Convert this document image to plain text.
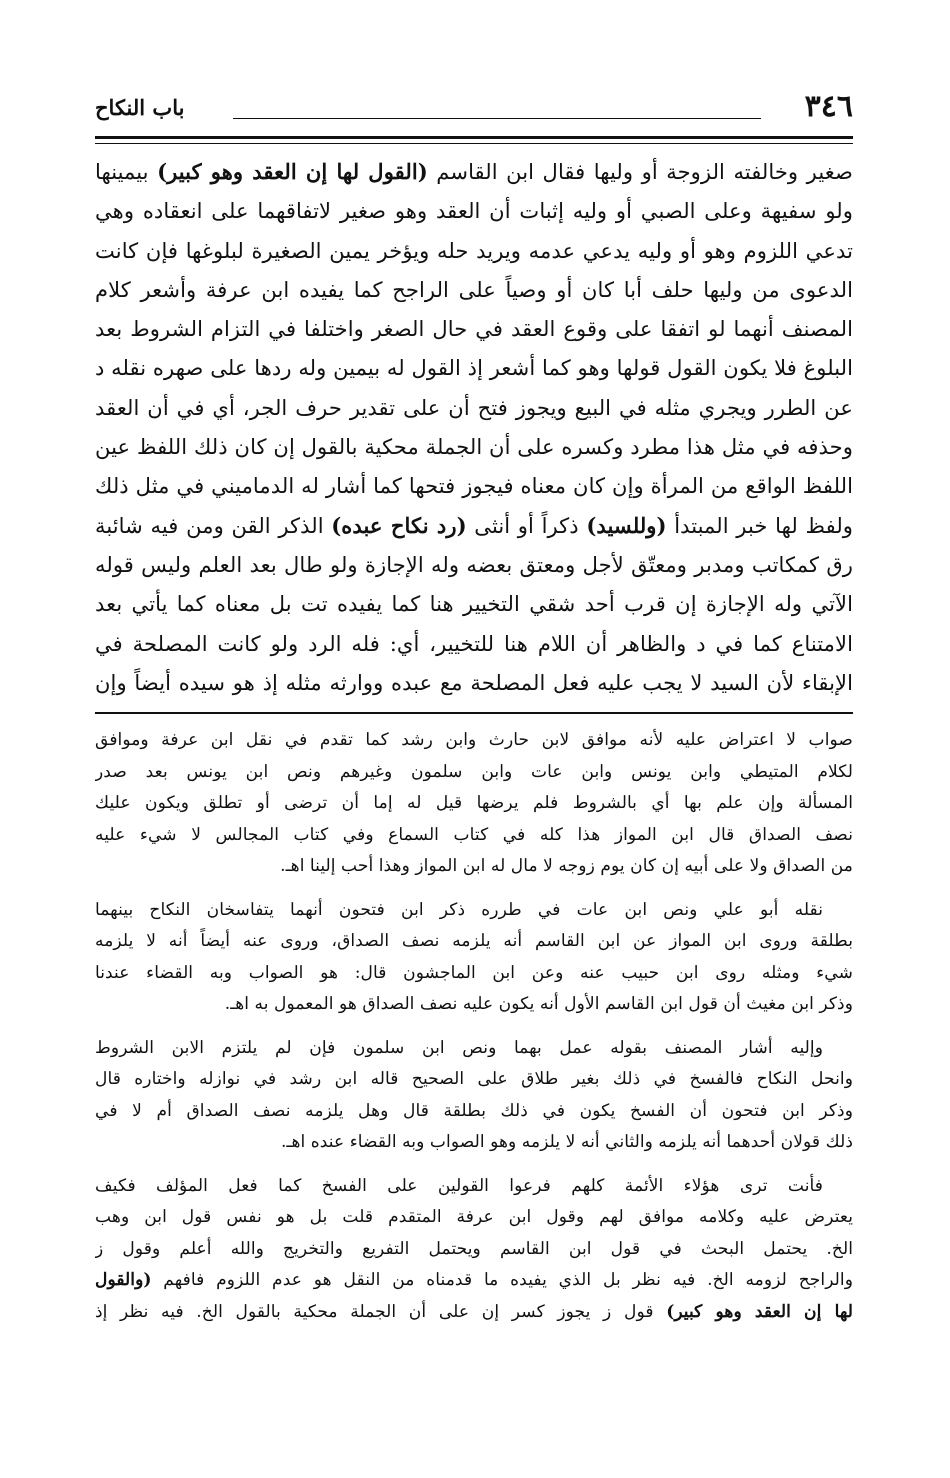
٣٤٦
باب النكاح
صغير وخالفته الزوجة أو وليها فقال ابن القاسم (القول لها إن العقد وهو كبير) بيمينها
ولو سفيهة وعلى الصبي أو وليه إثبات أن العقد وهو صغير لاتفاقهما على انعقاده وهي
تدعي اللزوم وهو أو وليه يدعي عدمه ويريد حله ويؤخر يمين الصغيرة لبلوغها فإن كانت
الدعوى من وليها حلف أبا كان أو وصياً على الراجح كما يفيده ابن عرفة وأشعر كلام
المصنف أنهما لو اتفقا على وقوع العقد في حال الصغر واختلفا في التزام الشروط بعد
البلوغ فلا يكون القول قولها وهو كما أشعر إذ القول له بيمين وله ردها على صهره نقله د
عن الطرر ويجري مثله في البيع ويجوز فتح أن على تقدير حرف الجر، أي في أن العقد
وحذفه في مثل هذا مطرد وكسره على أن الجملة محكية بالقول إن كان ذلك اللفظ عين
اللفظ الواقع من المرأة وإن كان معناه فيجوز فتحها كما أشار له الدماميني في مثل ذلك
ولفظ لها خبر المبتدأ (وللسيد) ذكراً أو أنثى (رد نكاح عبده) الذكر القن ومن فيه شائبة
رق كمكاتب ومدبر ومعتّق لأجل ومعتق بعضه وله الإجازة ولو طال بعد العلم وليس قوله
الآتي وله الإجازة إن قرب أحد شقي التخيير هنا كما يفيده تت بل معناه كما يأتي بعد
الامتناع كما في د والظاهر أن اللام هنا للتخيير، أي: فله الرد ولو كانت المصلحة في
الإبقاء لأن السيد لا يجب عليه فعل المصلحة مع عبده ووارثه مثله إذ هو سيده أيضاً وإن
صواب لا اعتراض عليه لأنه موافق لابن حارث وابن رشد كما تقدم في نقل ابن عرفة وموافق
لكلام المتيطي وابن يونس وابن عات وابن سلمون وغيرهم ونص ابن يونس بعد صدر
المسألة وإن علم بها أي بالشروط فلم يرضها قيل له إما أن ترضى أو تطلق ويكون عليك
نصف الصداق قال ابن المواز هذا كله في كتاب السماع وفي كتاب المجالس لا شيء عليه
من الصداق ولا على أبيه إن كان يوم زوجه لا مال له ابن المواز وهذا أحب إلينا اهـ.
نقله أبو علي ونص ابن عات في طرره ذكر ابن فتحون أنهما يتفاسخان النكاح بينهما
بطلقة وروى ابن المواز عن ابن القاسم أنه يلزمه نصف الصداق، وروى عنه أيضاً أنه لا يلزمه
شيء ومثله روى ابن حبيب عنه وعن ابن الماجشون قال: هو الصواب وبه القضاء عندنا
وذكر ابن مغيث أن قول ابن القاسم الأول أنه يكون عليه نصف الصداق هو المعمول به اهـ.
وإليه أشار المصنف بقوله عمل بهما ونص ابن سلمون فإن لم يلتزم الابن الشروط
وانحل النكاح فالفسخ في ذلك بغير طلاق على الصحيح قاله ابن رشد في نوازله واختاره قال
وذكر ابن فتحون أن الفسخ يكون في ذلك بطلقة قال وهل يلزمه نصف الصداق أم لا في
ذلك قولان أحدهما أنه يلزمه والثاني أنه لا يلزمه وهو الصواب وبه القضاء عنده اهـ.
فأنت ترى هؤلاء الأئمة كلهم فرعوا القولين على الفسخ كما فعل المؤلف فكيف
يعترض عليه وكلامه موافق لهم وقول ابن عرفة المتقدم قلت بل هو نفس قول ابن وهب
الخ. يحتمل البحث في قول ابن القاسم ويحتمل التفريع والتخريج والله أعلم وقول ز
والراجح لزومه الخ. فيه نظر بل الذي يفيده ما قدمناه من النقل هو عدم اللزوم فافهم (والقول
لها إن العقد وهو كبير) قول ز يجوز كسر إن على أن الجملة محكية بالقول الخ. فيه نظر إذ
